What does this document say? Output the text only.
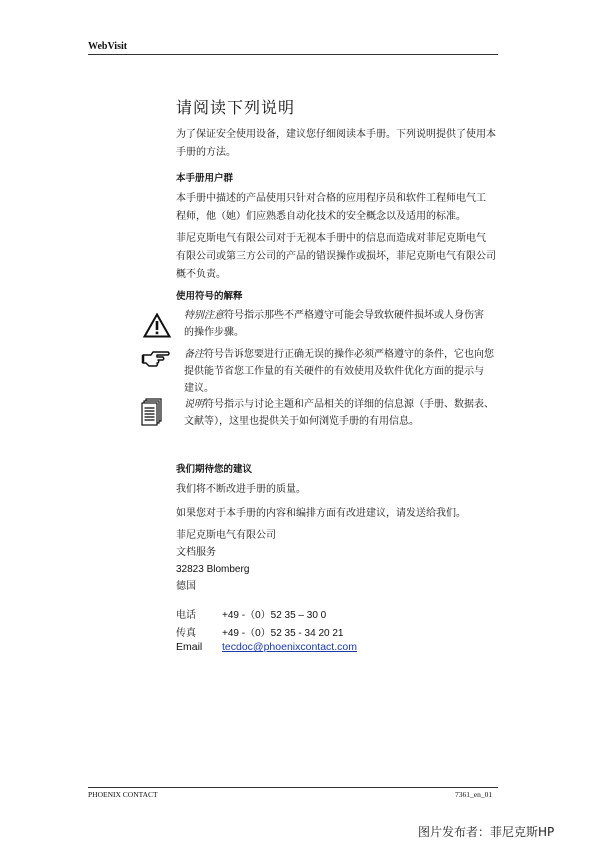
WebVisit
请阅读下列说明
为了保证安全使用设备，建议您仔细阅读本手册。下列说明提供了使用本
手册的方法。
本手册用户群
本手册中描述的产品使用只针对合格的应用程序员和软件工程师电气工
程师，他（她）们应熟悉自动化技术的安全概念以及适用的标准。
菲尼克斯电气有限公司对于无视本手册中的信息而造成对菲尼克斯电气
有限公司或第三方公司的产品的错误操作或损坏，菲尼克斯电气有限公司
概不负责。
使用符号的解释
特别注意符号指示那些不严格遵守可能会导致软硬件损坏或人身伤害
的操作步骤。
备注符号告诉您要进行正确无误的操作必须严格遵守的条件，它也向您
提供能节省您工作量的有关硬件的有效使用及软件优化方面的提示与
建议。
说明符号指示与讨论主题和产品相关的详细的信息源（手册、数据表、
文献等），这里也提供关于如何浏览手册的有用信息。
我们期待您的建议
我们将不断改进手册的质量。
如果您对于本手册的内容和编排方面有改进建议，请发送给我们。
菲尼克斯电气有限公司
文档服务
32823 Blomberg
德国
电话	+49 -（0）52 35 – 30 0
传真	+49 -（0）52 35 - 34 20 21
Email tecdoc@phoenixcontact.com
PHOENIX CONTACT	7361_en_01
图片发布者：菲尼克斯HP
